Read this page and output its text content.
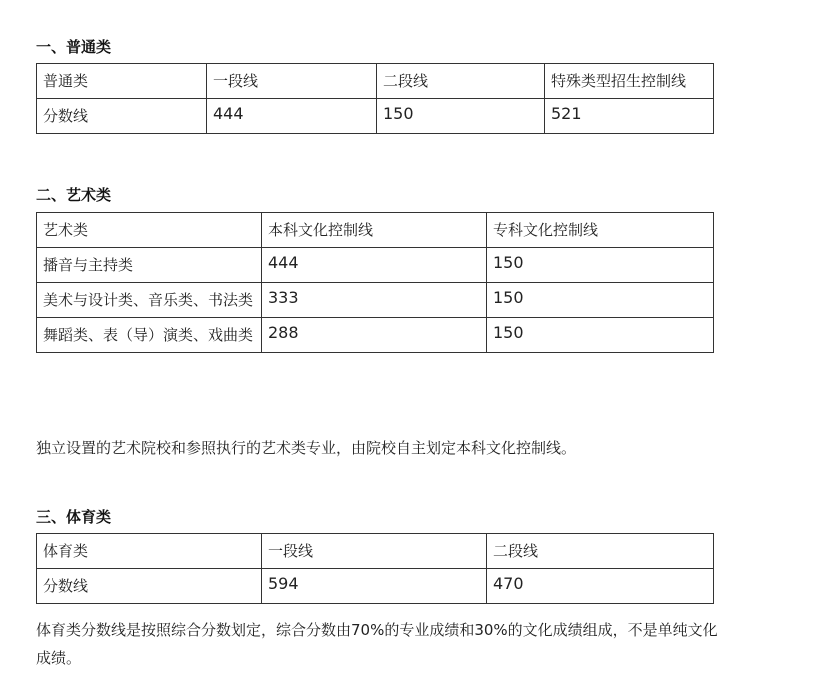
一、普通类
普通类	一段线	二段线	特殊类型招生控制线
分数线	444	150	521
二、艺术类
艺术类	本科文化控制线	专科文化控制线
播音与主持类	444	150
美术与设计类、音乐类、书法类	333	150
舞蹈类、表（导）演类、戏曲类	288	150

独立设置的艺术院校和参照执行的艺术类专业，由院校自主划定本科文化控制线。

三、体育类
体育类	一段线	二段线
分数线	594	470

体育类分数线是按照综合分数划定，综合分数由70%的专业成绩和30%的文化成绩组成，不是单纯文化成绩。
